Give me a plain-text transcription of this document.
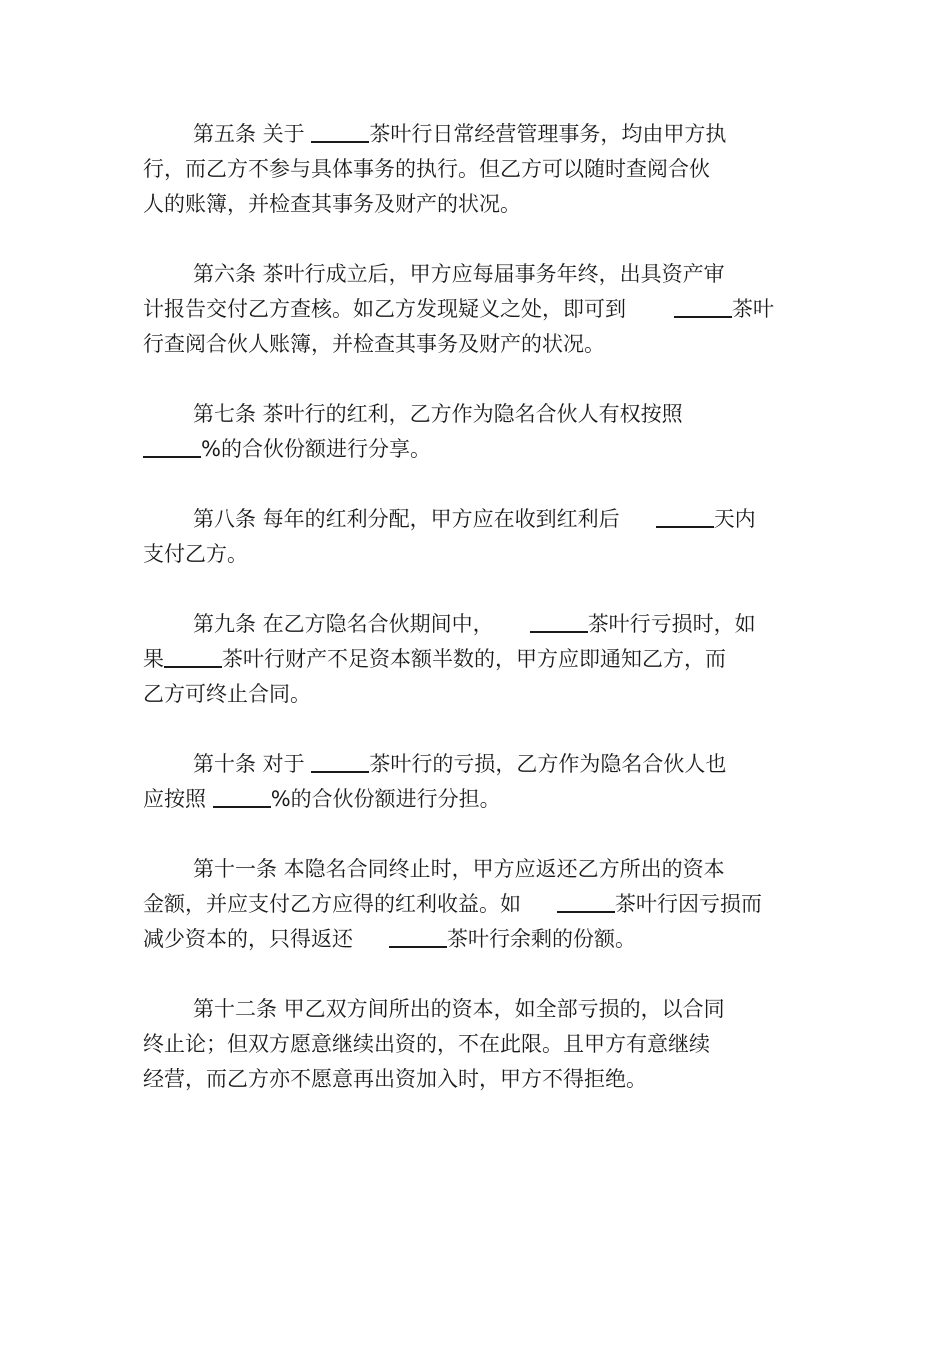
第五条 关于	茶叶行日常经营管理事务，均由甲方执
行，而乙方不参与具体事务的执行。但乙方可以随时查阅合伙
人的账簿，并检查其事务及财产的状况。
第六条 茶叶行成立后，甲方应每届事务年终，出具资产审
计报告交付乙方查核。如乙方发现疑义之处，即可到	茶叶
行查阅合伙人账簿，并检查其事务及财产的状况。
第七条 茶叶行的红利，乙方作为隐名合伙人有权按照
%的合伙份额进行分享。
第八条 每年的红利分配，甲方应在收到红利后	天内
支付乙方。
第九条 在乙方隐名合伙期间中，	茶叶行亏损时，如
果	茶叶行财产不足资本额半数的，甲方应即通知乙方，而
乙方可终止合同。
第十条 对于	茶叶行的亏损，乙方作为隐名合伙人也
应按照	%的合伙份额进行分担。
第十一条 本隐名合同终止时，甲方应返还乙方所出的资本
金额，并应支付乙方应得的红利收益。如	茶叶行因亏损而
减少资本的，只得返还	茶叶行余剩的份额。
第十二条 甲乙双方间所出的资本，如全部亏损的，以合同
终止论；但双方愿意继续出资的，不在此限。且甲方有意继续
经营，而乙方亦不愿意再出资加入时，甲方不得拒绝。
